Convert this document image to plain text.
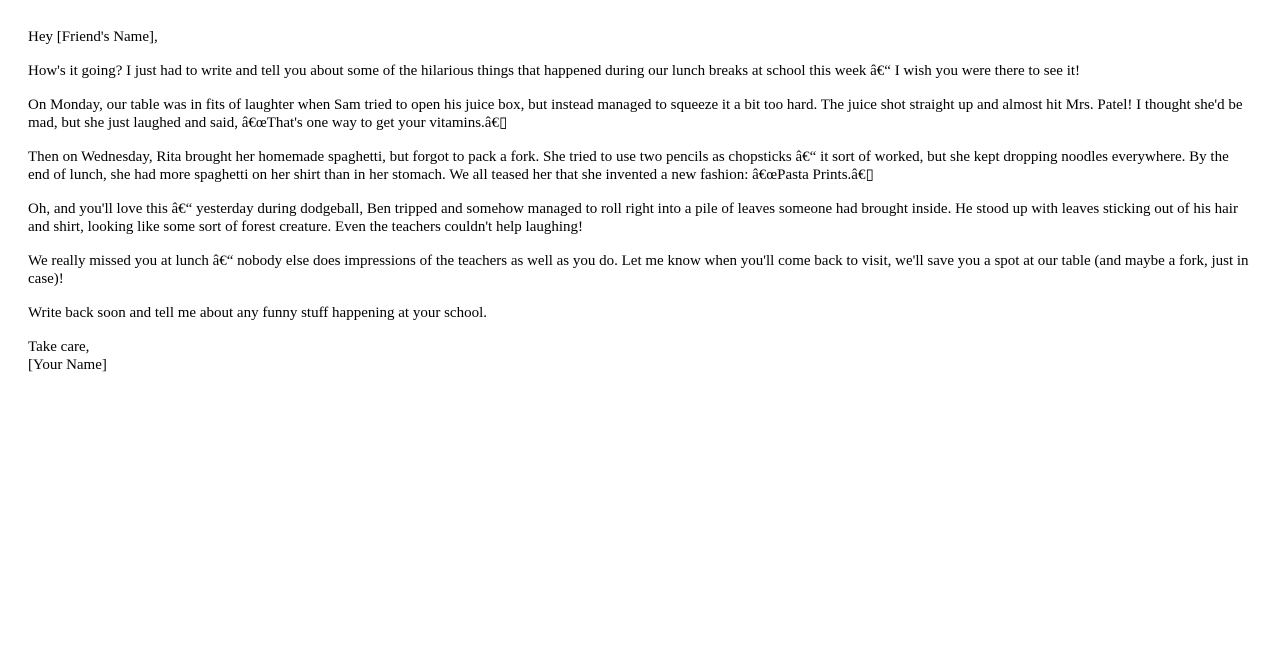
Hey [Friend's Name],

How's it going? I just had to write and tell you about some of the hilarious things that happened during our lunch breaks at school this week â€“ I wish you were there to see it!

On Monday, our table was in fits of laughter when Sam tried to open his juice box, but instead managed to squeeze it a bit too hard. The juice shot straight up and almost hit Mrs. Patel! I thought she'd be mad, but she just laughed and said, â€œThat's one way to get your vitamins.â€▯

Then on Wednesday, Rita brought her homemade spaghetti, but forgot to pack a fork. She tried to use two pencils as chopsticks â€“ it sort of worked, but she kept dropping noodles everywhere. By the end of lunch, she had more spaghetti on her shirt than in her stomach. We all teased her that she invented a new fashion: â€œPasta Prints.â€▯

Oh, and you'll love this â€“ yesterday during dodgeball, Ben tripped and somehow managed to roll right into a pile of leaves someone had brought inside. He stood up with leaves sticking out of his hair and shirt, looking like some sort of forest creature. Even the teachers couldn't help laughing!

We really missed you at lunch â€“ nobody else does impressions of the teachers as well as you do. Let me know when you'll come back to visit, we'll save you a spot at our table (and maybe a fork, just in case)!

Write back soon and tell me about any funny stuff happening at your school.

Take care,
[Your Name]
